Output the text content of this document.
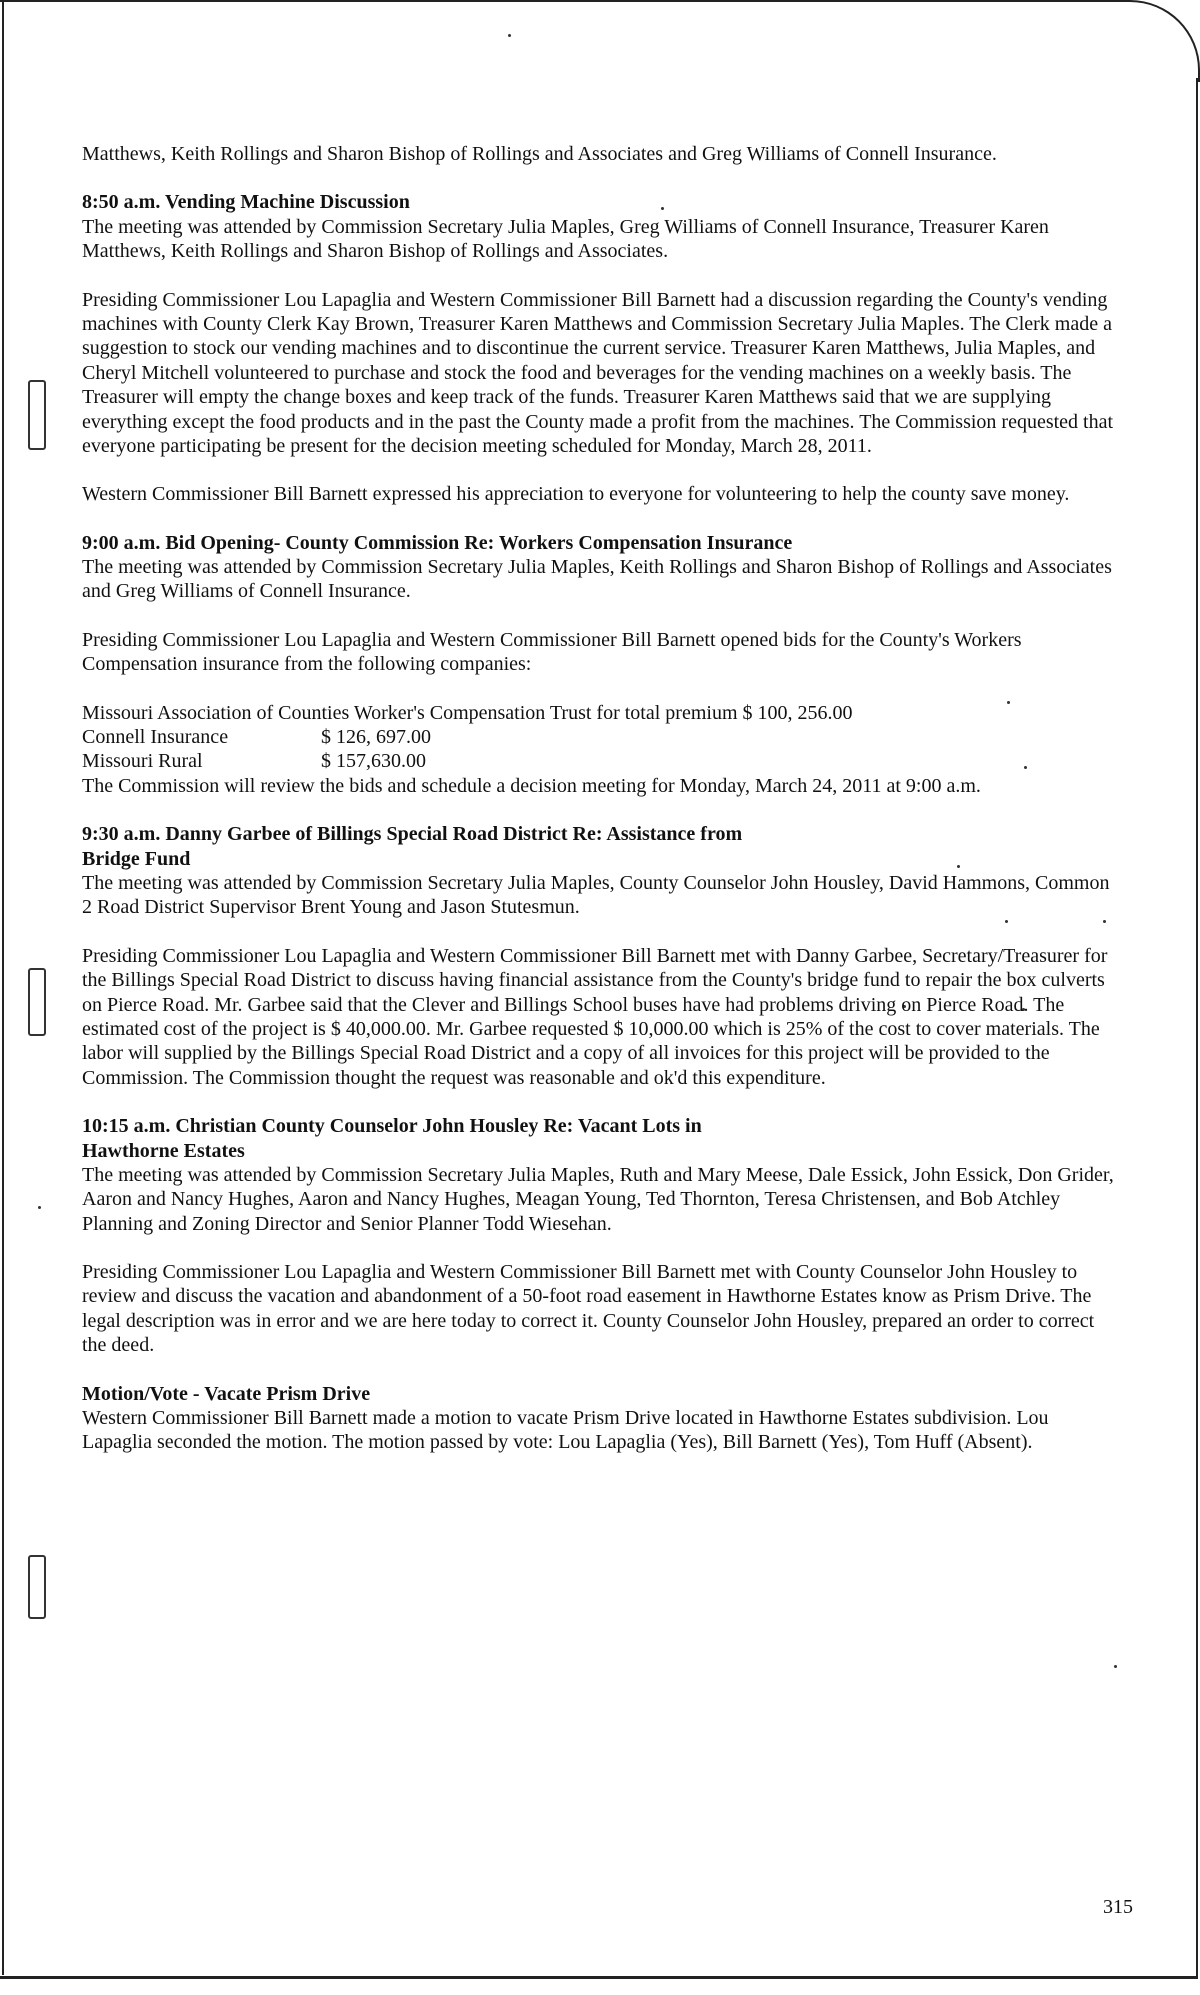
Matthews, Keith Rollings and Sharon Bishop of Rollings and Associates and Greg Williams of Connell Insurance.

8:50 a.m. Vending Machine Discussion
The meeting was attended by Commission Secretary Julia Maples, Greg Williams of Connell Insurance, Treasurer Karen Matthews, Keith Rollings and Sharon Bishop of Rollings and Associates.

Presiding Commissioner Lou Lapaglia and Western Commissioner Bill Barnett had a discussion regarding the County's vending machines with County Clerk Kay Brown, Treasurer Karen Matthews and Commission Secretary Julia Maples. The Clerk made a suggestion to stock our vending machines and to discontinue the current service. Treasurer Karen Matthews, Julia Maples, and Cheryl Mitchell volunteered to purchase and stock the food and beverages for the vending machines on a weekly basis. The Treasurer will empty the change boxes and keep track of the funds. Treasurer Karen Matthews said that we are supplying everything except the food products and in the past the County made a profit from the machines. The Commission requested that everyone participating be present for the decision meeting scheduled for Monday, March 28, 2011.

Western Commissioner Bill Barnett expressed his appreciation to everyone for volunteering to help the county save money.

9:00 a.m. Bid Opening- County Commission Re: Workers Compensation Insurance
The meeting was attended by Commission Secretary Julia Maples, Keith Rollings and Sharon Bishop of Rollings and Associates and Greg Williams of Connell Insurance.

Presiding Commissioner Lou Lapaglia and Western Commissioner Bill Barnett opened bids for the County's Workers Compensation insurance from the following companies:

Missouri Association of Counties Worker's Compensation Trust for total premium $ 100, 256.00
Connell Insurance	$ 126, 697.00
Missouri Rural	$ 157,630.00

The Commission will review the bids and schedule a decision meeting for Monday, March 24, 2011 at 9:00 a.m.

9:30 a.m. Danny Garbee of Billings Special Road District Re: Assistance from
Bridge Fund
The meeting was attended by Commission Secretary Julia Maples, County Counselor John Housley, David Hammons, Common 2 Road District Supervisor Brent Young and Jason Stutesmun.

Presiding Commissioner Lou Lapaglia and Western Commissioner Bill Barnett met with Danny Garbee, Secretary/Treasurer for the Billings Special Road District to discuss having financial assistance from the County's bridge fund to repair the box culverts on Pierce Road. Mr. Garbee said that the Clever and Billings School buses have had problems driving on Pierce Road. The estimated cost of the project is $ 40,000.00. Mr. Garbee requested $ 10,000.00 which is 25% of the cost to cover materials. The labor will supplied by the Billings Special Road District and a copy of all invoices for this project will be provided to the Commission. The Commission thought the request was reasonable and ok'd this expenditure.

10:15 a.m. Christian County Counselor John Housley Re: Vacant Lots in
Hawthorne Estates
The meeting was attended by Commission Secretary Julia Maples, Ruth and Mary Meese, Dale Essick, John Essick, Don Grider, Aaron and Nancy Hughes, Aaron and Nancy Hughes, Meagan Young, Ted Thornton, Teresa Christensen, and Bob Atchley Planning and Zoning Director and Senior Planner Todd Wiesehan.

Presiding Commissioner Lou Lapaglia and Western Commissioner Bill Barnett met with County Counselor John Housley to review and discuss the vacation and abandonment of a 50-foot road easement in Hawthorne Estates know as Prism Drive. The legal description was in error and we are here today to correct it. County Counselor John Housley, prepared an order to correct the deed.

Motion/Vote - Vacate Prism Drive
Western Commissioner Bill Barnett made a motion to vacate Prism Drive located in Hawthorne Estates subdivision. Lou Lapaglia seconded the motion. The motion passed by vote: Lou Lapaglia (Yes), Bill Barnett (Yes), Tom Huff (Absent).

315
